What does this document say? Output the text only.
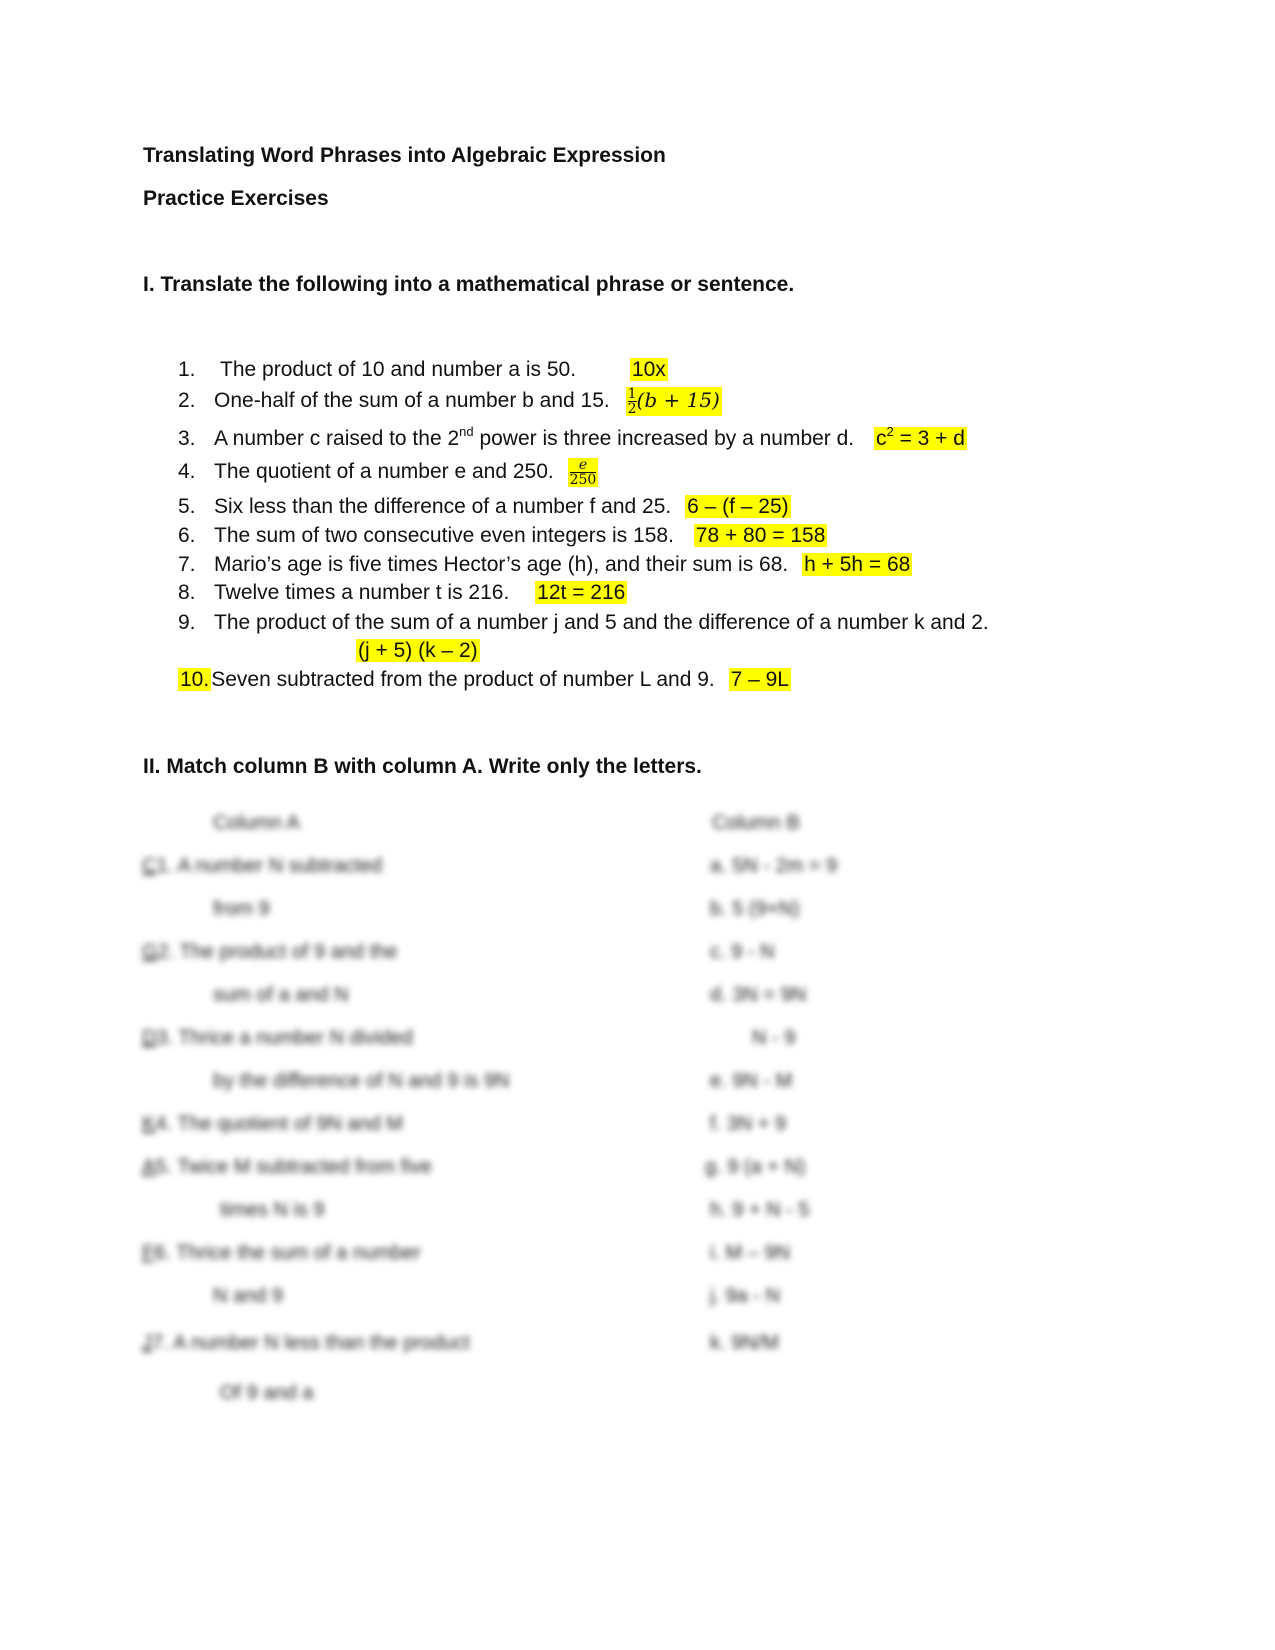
Translating Word Phrases into Algebraic Expression
Practice Exercises
I. Translate the following into a mathematical phrase or sentence.
1. The product of 10 and number a is 50.	10x
2. One-half of the sum of a number b and 15. $\frac{1}{2} (b + 15)$
3. A number c raised to the 2nd power is three increased by a number d. $c^2 = 3 + d$
4. The quotient of a number e and 250. $\frac{e}{250}$
5. Six less than the difference of a number f and 25. 6 – (f – 25)
6. The sum of two consecutive even integers is 158. 78 + 80 = 158
7. Mario’s age is five times Hector’s age (h), and their sum is 68. h + 5h = 68
8. Twelve times a number t is 216. 12t = 216
9. The product of the sum of a number j and 5 and the difference of a number k and 2.
(j + 5) (k – 2)
10.Seven subtracted from the product of number L and 9. 7 – 9L
II. Match column B with column A. Write only the letters.
Column A	Column B
C1. A number N subtracted
from 9
G2. The product of 9 and the
sum of a and N
D3. Thrice a number N divided
by the difference of N and 9 is 9N
K4. The quotient of 9N and M
A5. Twice M subtracted from five
times N is 9
F6. Thrice the sum of a number
N and 9
J7. A number N less than the product
Of 9 and a
a. 5N - 2m = 9
b. 5 (9+N)
c. 9 - N
d. 3N = 9N
N - 9
e. 9N - M
f. 3N + 9
g. 9 (a + N)
h. 9 + N - 5
i. M – 9N
j. 9a - N
k. 9N/M
